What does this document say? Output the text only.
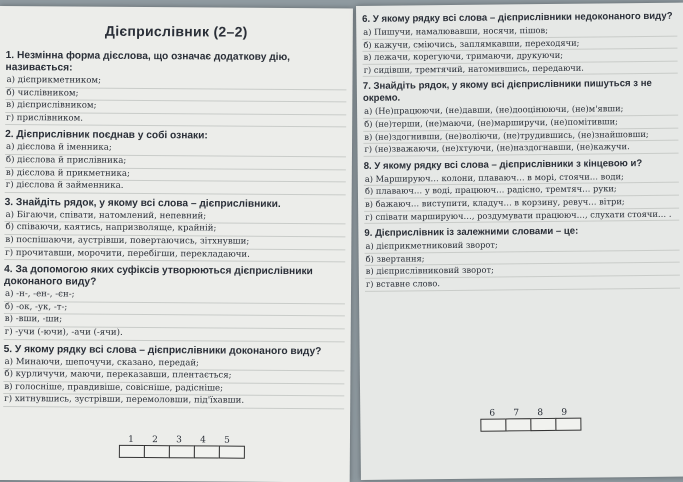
Дієприслівник (2–2)
1. Незмінна форма дієслова, що означає додаткову дію, називається:
а) дієприкметником;
б) числівником;
в) дієприслівником;
г) прислівником.
2. Дієприслівник поєднав у собі ознаки:
а) дієслова й іменника;
б) дієслова й прислівника;
в) дієслова й прикметника;
г) дієслова й займенника.
3. Знайдіть рядок, у якому всі слова – дієприслівники.
а) Бігаючи, співати, натомлений, непевний;
б) співаючи, каятись, напризволяще, крайній;
в) поспішаючи, аустрівши, повертаючись, зітхнувши;
г) прочитавши, морочити, перебігши, перекладаючи.
4. За допомогою яких суфіксів утворюються дієприслівники доконаного виду?
а) -н-, -ен-, -єн-;
б) -ок, -ук, -т-;
в) -вши, -ши;
г) -учи (-ючи), -ачи (-ячи).
5. У якому рядку всі слова – дієприслівники доконаного виду?
а) Минаючи, шепочучи, сказано, передай;
б) курличучи, маючи, переказавши, плентається;
в) голосніше, правдивіше, совісніше, радісніше;
г) хитнувшись, зустрівши, перемоловши, під'їхавши.
1	2	3	4	5
6. У якому рядку всі слова – дієприслівники недоконаного виду?
а) Пишучи, намалювавши, носячи, пішов;
б) кажучи, сміючись, заплямкавши, переходячи;
в) лежачи, корегуючи, тримаючи, друкуючи;
г) сидівши, тремтячий, натомившись, передаючи.
7. Знайдіть рядок, у якому всі дієприслівники пишуться з не окремо.
а) (Не)працюючи, (не)давши, (не)дооцінюючи, (не)м'явши;
б) (не)терши, (не)маючи, (не)марширучи, (не)помітивши;
в) (не)здогнивши, (не)воліючи, (не)трудившись, (не)знайшовши;
г) (не)зважаючи, (не)хтуючи, (не)наздогнавши, (не)кажучи.
8. У якому рядку всі слова – дієприслівники з кінцевою и?
а) Маршируюч… колони, плаваюч… в морі, стоячи… води;
б) плаваюч… у воді, працююч… радісно, тремтяч… руки;
в) бажаюч… виступити, кладуч… в корзину, ревуч… вітри;
г) співати маршируюч…, роздумувати працююч…, слухати стоячи… .
9. Дієприслівник із залежними словами – це:
а) дієприкметниковий зворот;
б) звертання;
в) дієприслівниковий зворот;
г) вставне слово.
6	7	8	9
